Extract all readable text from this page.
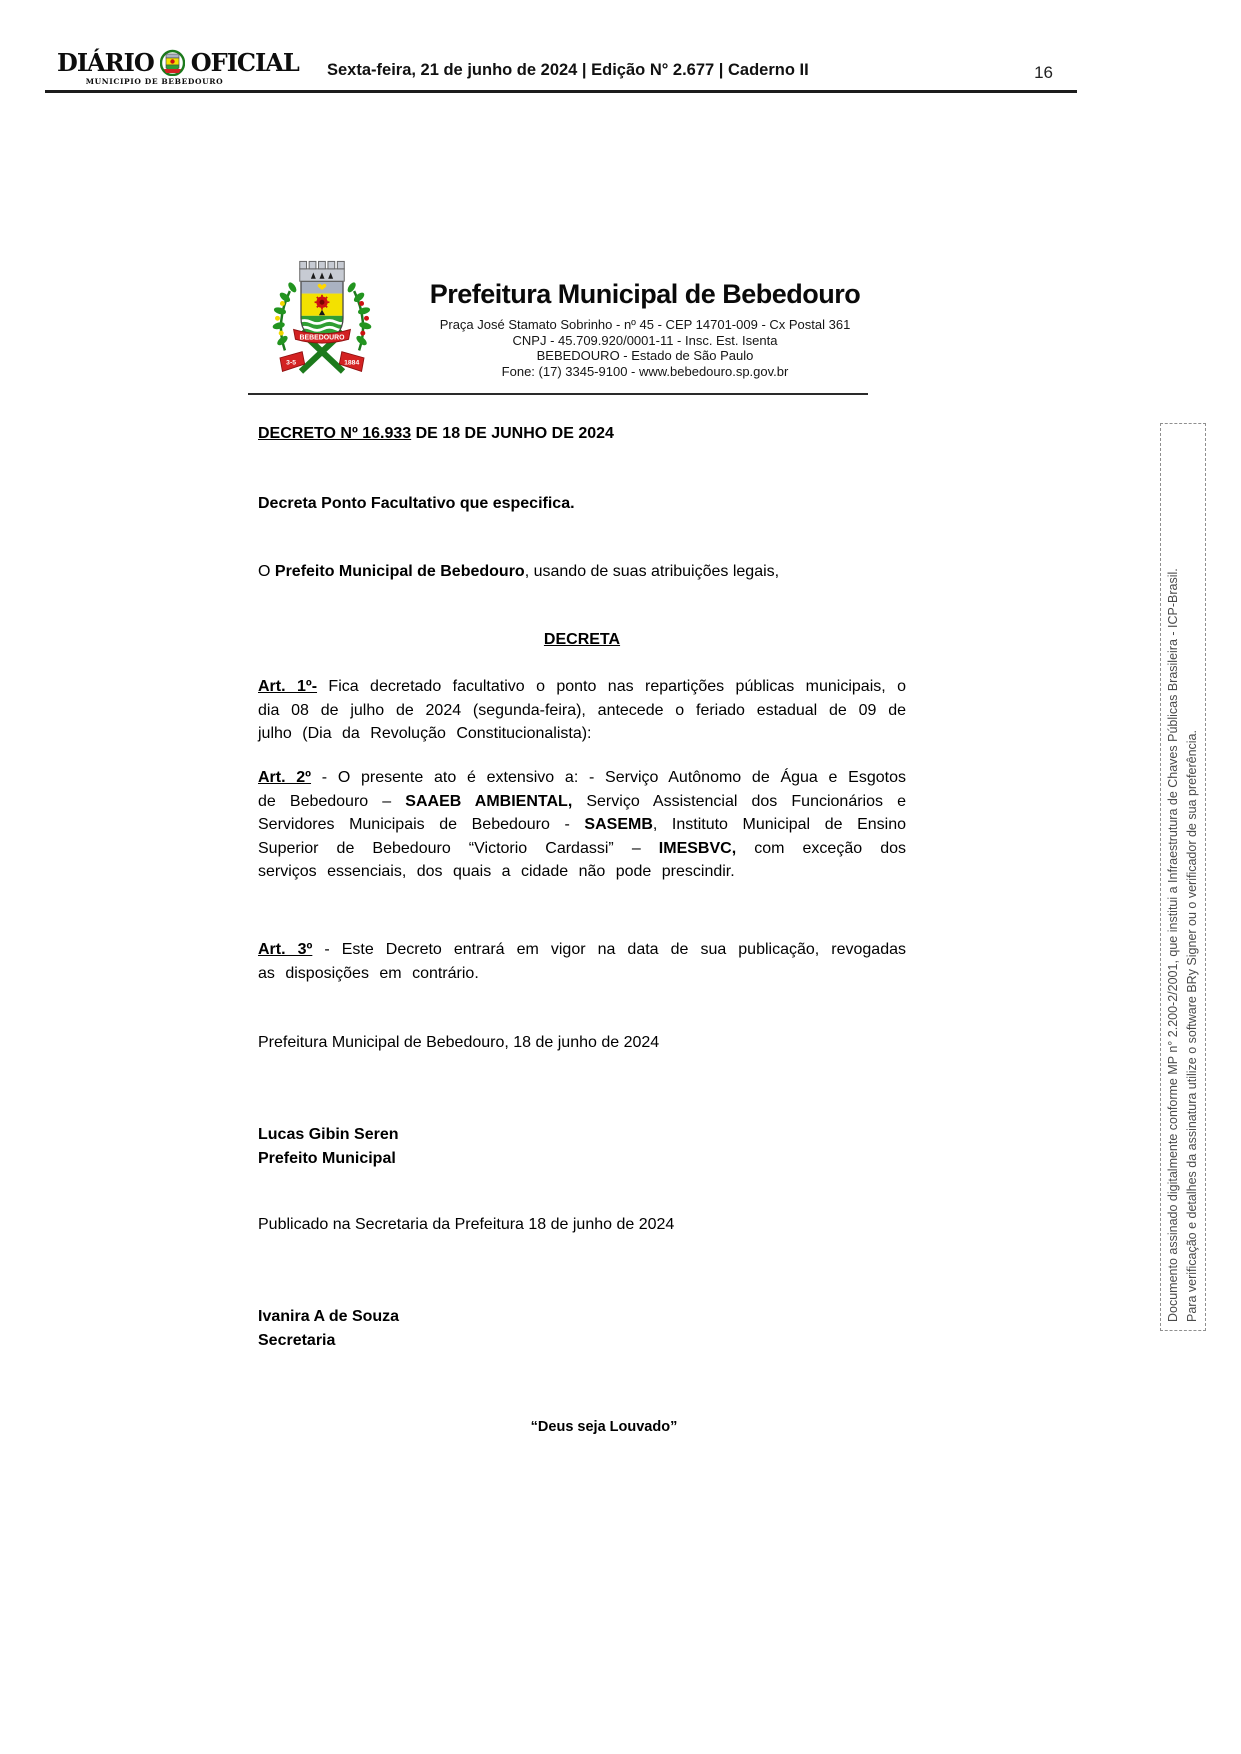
DIÁRIO OFICIAL
MUNICIPIO DE BEBEDOURO
Sexta-feira, 21 de junho de 2024 | Edição N° 2.677 | Caderno II	16
3-5	1884
BEBEDOURO
Prefeitura Municipal de Bebedouro
Praça José Stamato Sobrinho - nº 45 - CEP 14701-009 - Cx Postal 361
CNPJ - 45.709.920/0001-11 - Insc. Est. Isenta
BEBEDOURO - Estado de São Paulo
Fone: (17) 3345-9100 - www.bebedouro.sp.gov.br
DECRETO Nº 16.933 DE 18 DE JUNHO DE 2024
Decreta Ponto Facultativo que especifica.
O Prefeito Municipal de Bebedouro, usando de suas atribuições legais,
DECRETA
Art. 1º- Fica decretado facultativo o ponto nas repartições públicas municipais, o dia 08 de julho de 2024 (segunda-feira), antecede o feriado estadual de 09 de julho (Dia da Revolução Constitucionalista):
Art. 2º - O presente ato é extensivo a: - Serviço Autônomo de Água e Esgotos de Bebedouro – SAAEB AMBIENTAL, Serviço Assistencial dos Funcionários e Servidores Municipais de Bebedouro - SASEMB, Instituto Municipal de Ensino Superior de Bebedouro “Victorio Cardassi” – IMESBVC, com exceção dos serviços essenciais, dos quais a cidade não pode prescindir.
Art. 3º - Este Decreto entrará em vigor na data de sua publicação, revogadas as disposições em contrário.
Prefeitura Municipal de Bebedouro, 18 de junho de 2024
Lucas Gibin Seren
Prefeito Municipal
Publicado na Secretaria da Prefeitura 18 de junho de 2024
Ivanira A de Souza
Secretaria
“Deus seja Louvado”
Documento assinado digitalmente conforme MP n° 2.200-2/2001, que institui a Infraestrutura de Chaves Públicas Brasileira - ICP-Brasil. Para verificação e detalhes da assinatura utilize o software BRy Signer ou o verificador de sua preferência.
